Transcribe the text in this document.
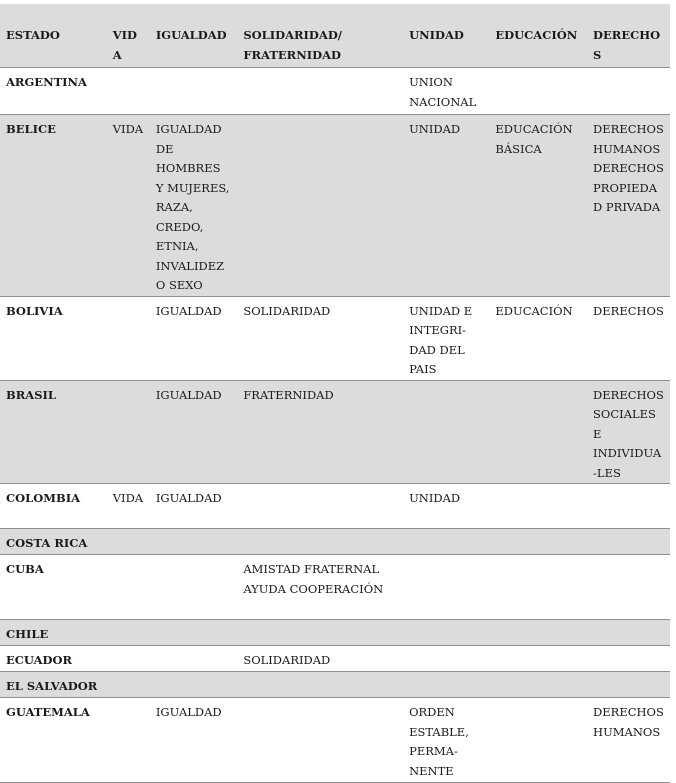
ESTADO	VIDA	IGUALDAD	SOLIDARIDAD/ FRATERNIDAD	UNIDAD	EDUCACIÓN	DERECHOS
ARGENTINA				UNION NACIONAL		
BELICE	VIDA	IGUALDAD DE HOMBRES Y MUJERES, RAZA, CREDO, ETNIA, INVALIDEZ O SEXO		UNIDAD	EDUCACIÓN BÁSICA	DERECHOS HUMANOS DERECHOS PROPIEDAD PRIVADA
BOLIVIA		IGUALDAD	SOLIDARIDAD	UNIDAD E INTEGRI-DAD DEL PAIS	EDUCACIÓN	DERECHOS
BRASIL		IGUALDAD	FRATERNIDAD			DERECHOS SOCIALES E INDIVIDUA-LES
COLOMBIA	VIDA	IGUALDAD		UNIDAD		
COSTA RICA						
CUBA			AMISTAD FRATERNAL AYUDA COOPERACIÓN			
CHILE						
ECUADOR			SOLIDARIDAD			
EL SALVADOR						
GUATEMALA		IGUALDAD		ORDEN ESTABLE, PERMA-NENTE		DERECHOS HUMANOS
